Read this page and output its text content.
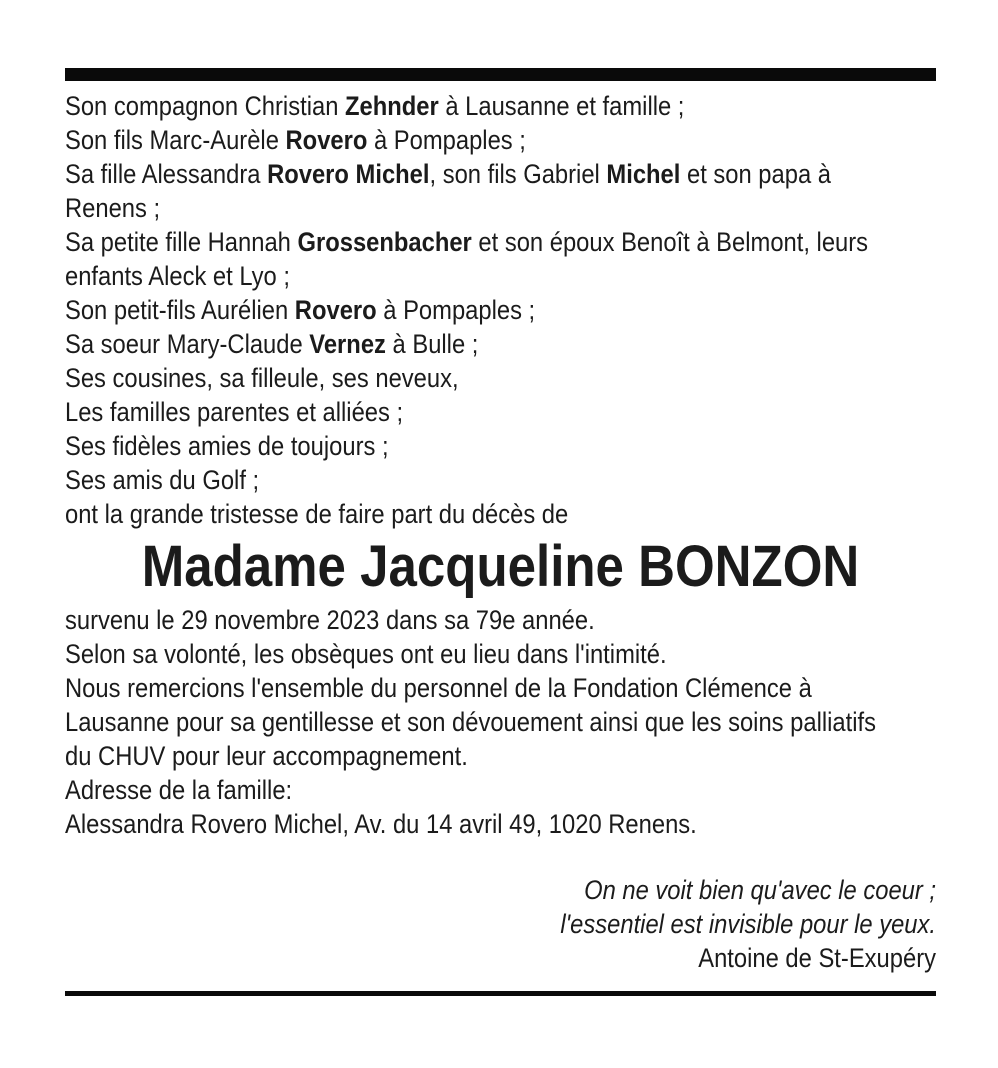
Son compagnon Christian Zehnder à Lausanne et famille ;
Son fils Marc-Aurèle Rovero à Pompaples ;
Sa fille Alessandra Rovero Michel, son fils Gabriel Michel et son papa à
Renens ;
Sa petite fille Hannah Grossenbacher et son époux Benoît à Belmont, leurs
enfants Aleck et Lyo ;
Son petit-fils Aurélien Rovero à Pompaples ;
Sa soeur Mary-Claude Vernez à Bulle ;
Ses cousines, sa filleule, ses neveux,
Les familles parentes et alliées ;
Ses fidèles amies de toujours ;
Ses amis du Golf ;
ont la grande tristesse de faire part du décès de
Madame Jacqueline BONZON
survenu le 29 novembre 2023 dans sa 79e année.
Selon sa volonté, les obsèques ont eu lieu dans l'intimité.
Nous remercions l'ensemble du personnel de la Fondation Clémence à
Lausanne pour sa gentillesse et son dévouement ainsi que les soins palliatifs
du CHUV pour leur accompagnement.
Adresse de la famille:
Alessandra Rovero Michel, Av. du 14 avril 49, 1020 Renens.
On ne voit bien qu'avec le coeur ;
l'essentiel est invisible pour le yeux.
Antoine de St-Exupéry
